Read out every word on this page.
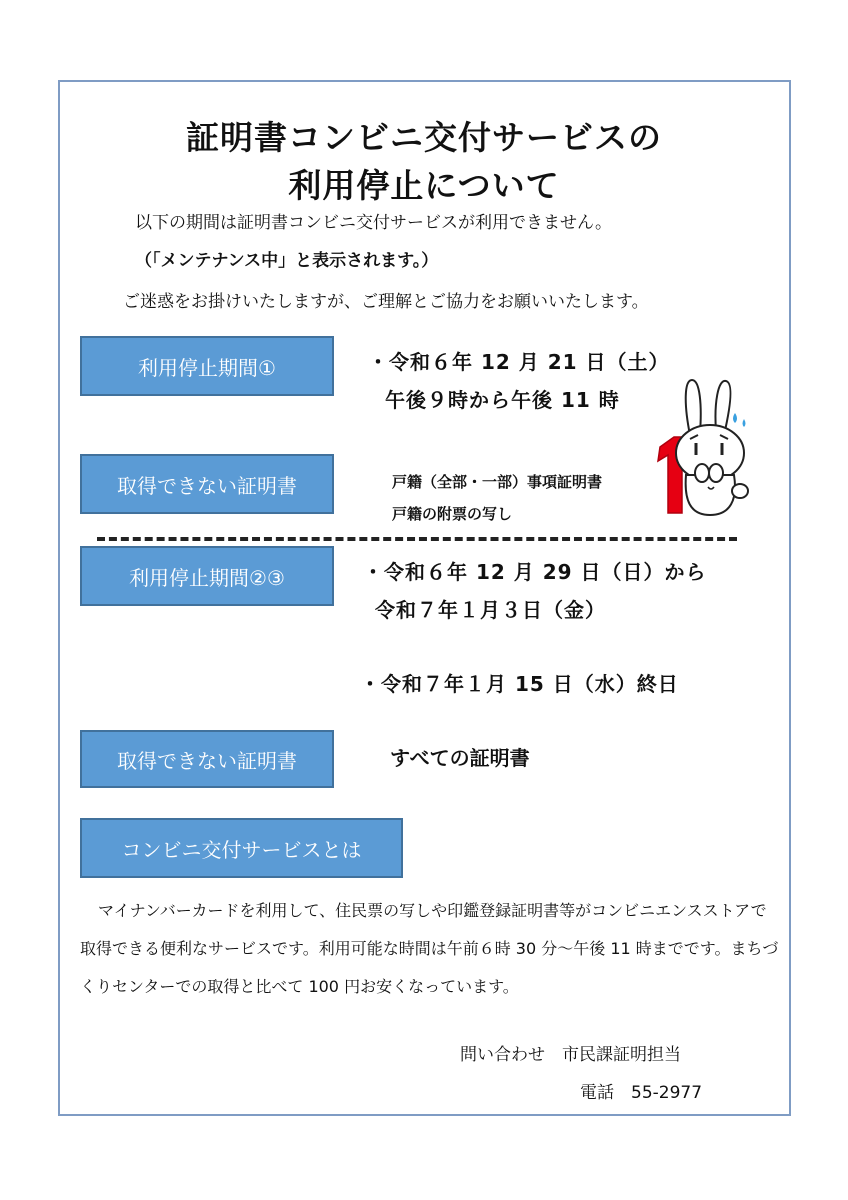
証明書コンビニ交付サービスの
利用停止について
以下の期間は証明書コンビニ交付サービスが利用できません。
（「メンテナンス中」と表示されます。）
ご迷惑をお掛けいたしますが、ご理解とご協力をお願いいたします。
利用停止期間①	・令和６年 12 月 21 日（土）
午後９時から午後 11 時
取得できない証明書	戸籍（全部・一部）事項証明書
戸籍の附票の写し
利用停止期間②③	・令和６年 12 月 29 日（日）から
令和７年１月３日（金）
・令和７年１月 15 日（水）終日
取得できない証明書	すべての証明書
コンビニ交付サービスとは
マイナンバーカードを利用して、住民票の写しや印鑑登録証明書等がコンビニエンスストアで取得できる便利なサービスです。利用可能な時間は午前６時 30 分〜午後 11 時までです。まちづくりセンターでの取得と比べて 100 円お安くなっています。
問い合わせ　市民課証明担当
電話　55-2977
